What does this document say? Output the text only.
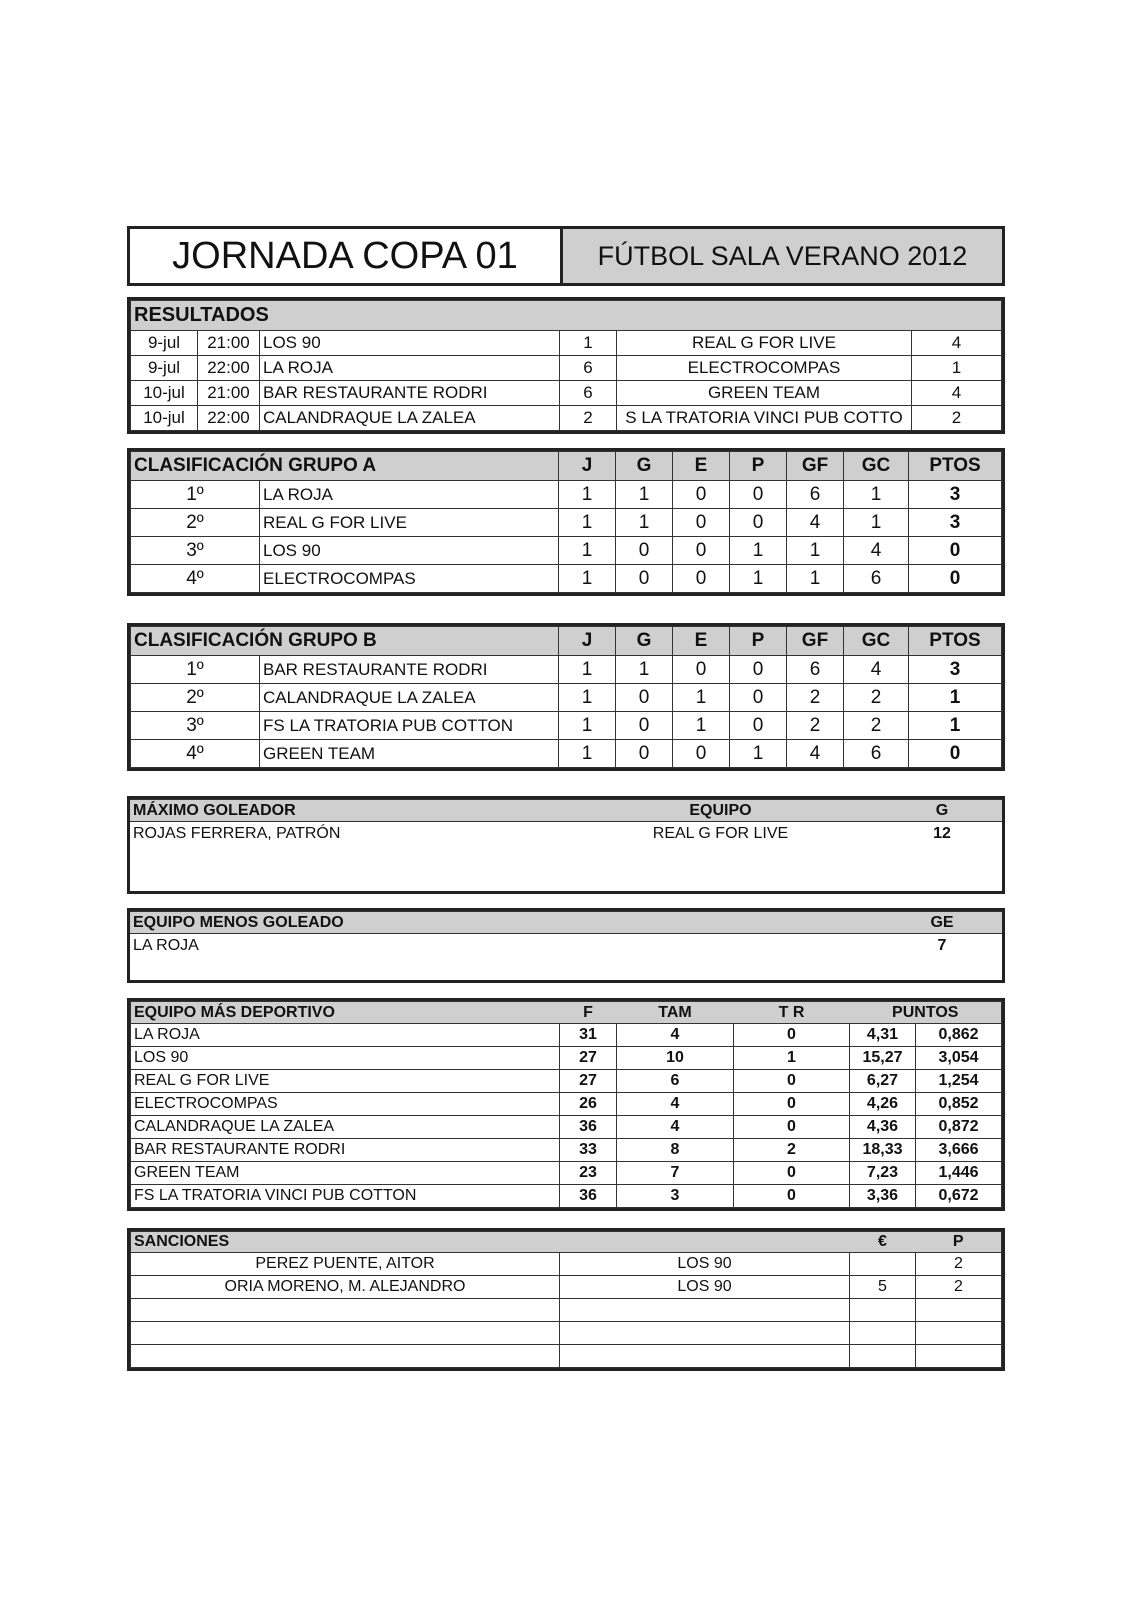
JORNADA COPA 01	FÚTBOL SALA VERANO 2012
RESULTADOS					
9-jul	21:00	LOS 90	1	REAL G FOR LIVE	4
9-jul	22:00	LA ROJA	6	ELECTROCOMPAS	1
10-jul	21:00	BAR RESTAURANTE RODRI	6	GREEN TEAM	4
10-jul	22:00	CALANDRAQUE LA ZALEA	2	S LA TRATORIA VINCI PUB COTTO	2
CLASIFICACIÓN GRUPO A		J	G	E	P	GF	GC	PTOS
1º	LA ROJA	1	1	0	0	6	1	3
2º	REAL G FOR LIVE	1	1	0	0	4	1	3
3º	LOS 90	1	0	0	1	1	4	0
4º	ELECTROCOMPAS	1	0	0	1	1	6	0
CLASIFICACIÓN GRUPO B		J	G	E	P	GF	GC	PTOS
1º	BAR RESTAURANTE RODRI	1	1	0	0	6	4	3
2º	CALANDRAQUE LA ZALEA	1	0	1	0	2	2	1
3º	FS LA TRATORIA PUB COTTON	1	0	1	0	2	2	1
4º	GREEN TEAM	1	0	0	1	4	6	0
MÁXIMO GOLEADOR	EQUIPO	G
ROJAS FERRERA, PATRÓN	REAL G FOR LIVE	12
EQUIPO MENOS GOLEADO	GE
LA ROJA	7
EQUIPO MÁS DEPORTIVO	F	TAM	T R	PUNTOS	
LA ROJA	31	4	0	4,31	0,862
LOS 90	27	10	1	15,27	3,054
REAL G FOR LIVE	27	6	0	6,27	1,254
ELECTROCOMPAS	26	4	0	4,26	0,852
CALANDRAQUE LA ZALEA	36	4	0	4,36	0,872
BAR RESTAURANTE RODRI	33	8	2	18,33	3,666
GREEN TEAM	23	7	0	7,23	1,446
FS LA TRATORIA VINCI PUB COTTON	36	3	0	3,36	0,672
SANCIONES		€	P
PEREZ PUENTE, AITOR	LOS 90		2
ORIA MORENO, M. ALEJANDRO	LOS 90	5	2
